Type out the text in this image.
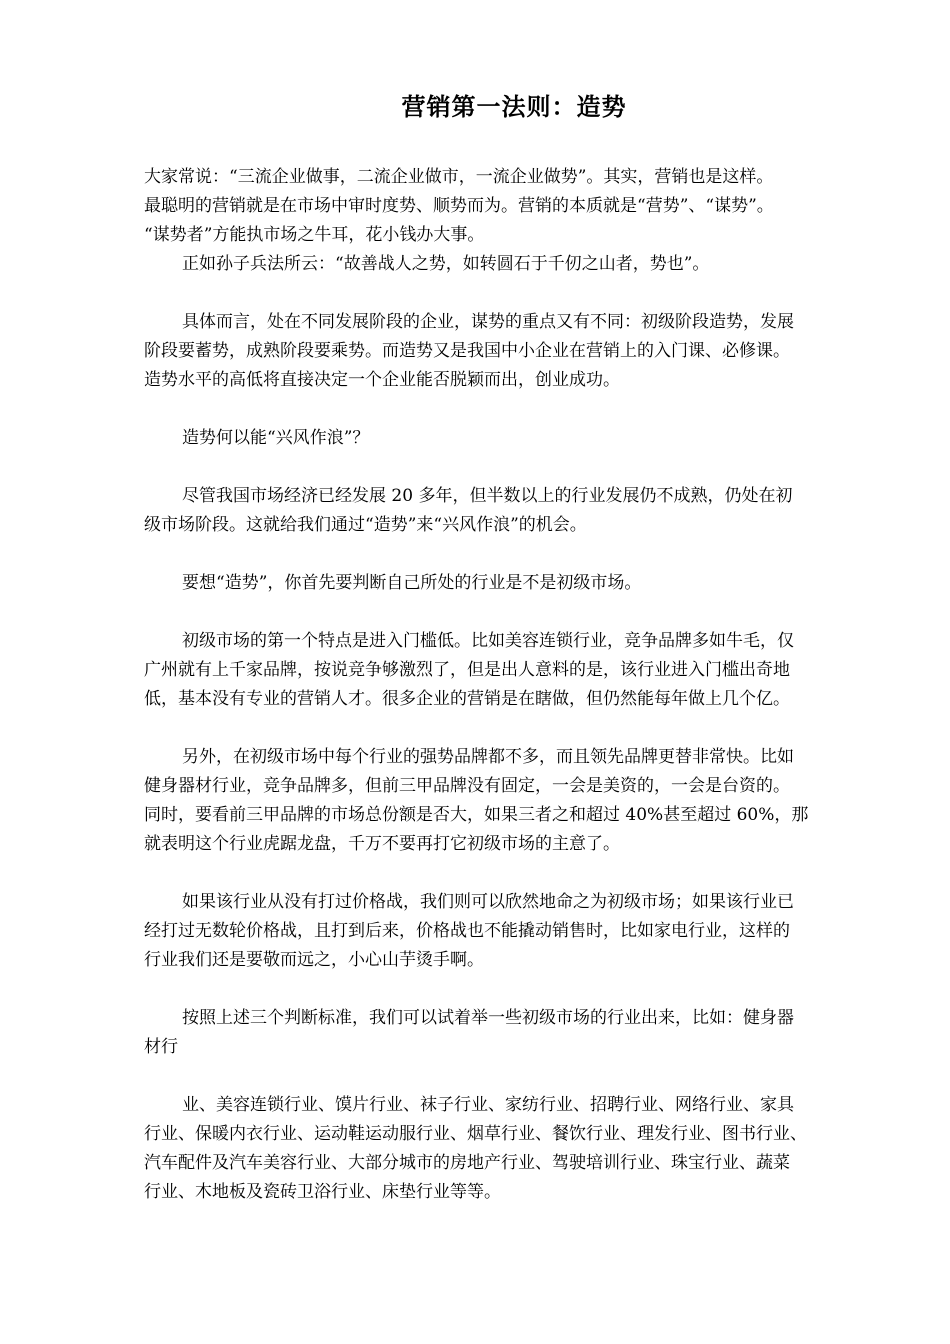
营销第一法则：造势
大家常说：“三流企业做事，二流企业做市，一流企业做势”。其实，营销也是这样。
最聪明的营销就是在市场中审时度势、顺势而为。营销的本质就是“营势”、“谋势”。
“谋势者”方能执市场之牛耳，花小钱办大事。
正如孙子兵法所云：“故善战人之势，如转圆石于千仞之山者，势也”。
具体而言，处在不同发展阶段的企业，谋势的重点又有不同：初级阶段造势，发展
阶段要蓄势，成熟阶段要乘势。而造势又是我国中小企业在营销上的入门课、必修课。
造势水平的高低将直接决定一个企业能否脱颖而出，创业成功。
造势何以能“兴风作浪”？
尽管我国市场经济已经发展 20 多年，但半数以上的行业发展仍不成熟，仍处在初
级市场阶段。这就给我们通过“造势”来“兴风作浪”的机会。
要想“造势”，你首先要判断自己所处的行业是不是初级市场。
初级市场的第一个特点是进入门槛低。比如美容连锁行业，竞争品牌多如牛毛，仅
广州就有上千家品牌，按说竞争够激烈了，但是出人意料的是，该行业进入门槛出奇地
低，基本没有专业的营销人才。很多企业的营销是在瞎做，但仍然能每年做上几个亿。
另外，在初级市场中每个行业的强势品牌都不多，而且领先品牌更替非常快。比如
健身器材行业，竞争品牌多，但前三甲品牌没有固定，一会是美资的，一会是台资的。
同时，要看前三甲品牌的市场总份额是否大，如果三者之和超过 40%甚至超过 60%，那
就表明这个行业虎踞龙盘，千万不要再打它初级市场的主意了。
如果该行业从没有打过价格战，我们则可以欣然地命之为初级市场；如果该行业已
经打过无数轮价格战，且打到后来，价格战也不能撬动销售时，比如家电行业，这样的
行业我们还是要敬而远之，小心山芋烫手啊。
按照上述三个判断标准，我们可以试着举一些初级市场的行业出来，比如：健身器
材行
业、美容连锁行业、馍片行业、袜子行业、家纺行业、招聘行业、网络行业、家具
行业、保暖内衣行业、运动鞋运动服行业、烟草行业、餐饮行业、理发行业、图书行业、
汽车配件及汽车美容行业、大部分城市的房地产行业、驾驶培训行业、珠宝行业、蔬菜
行业、木地板及瓷砖卫浴行业、床垫行业等等。
